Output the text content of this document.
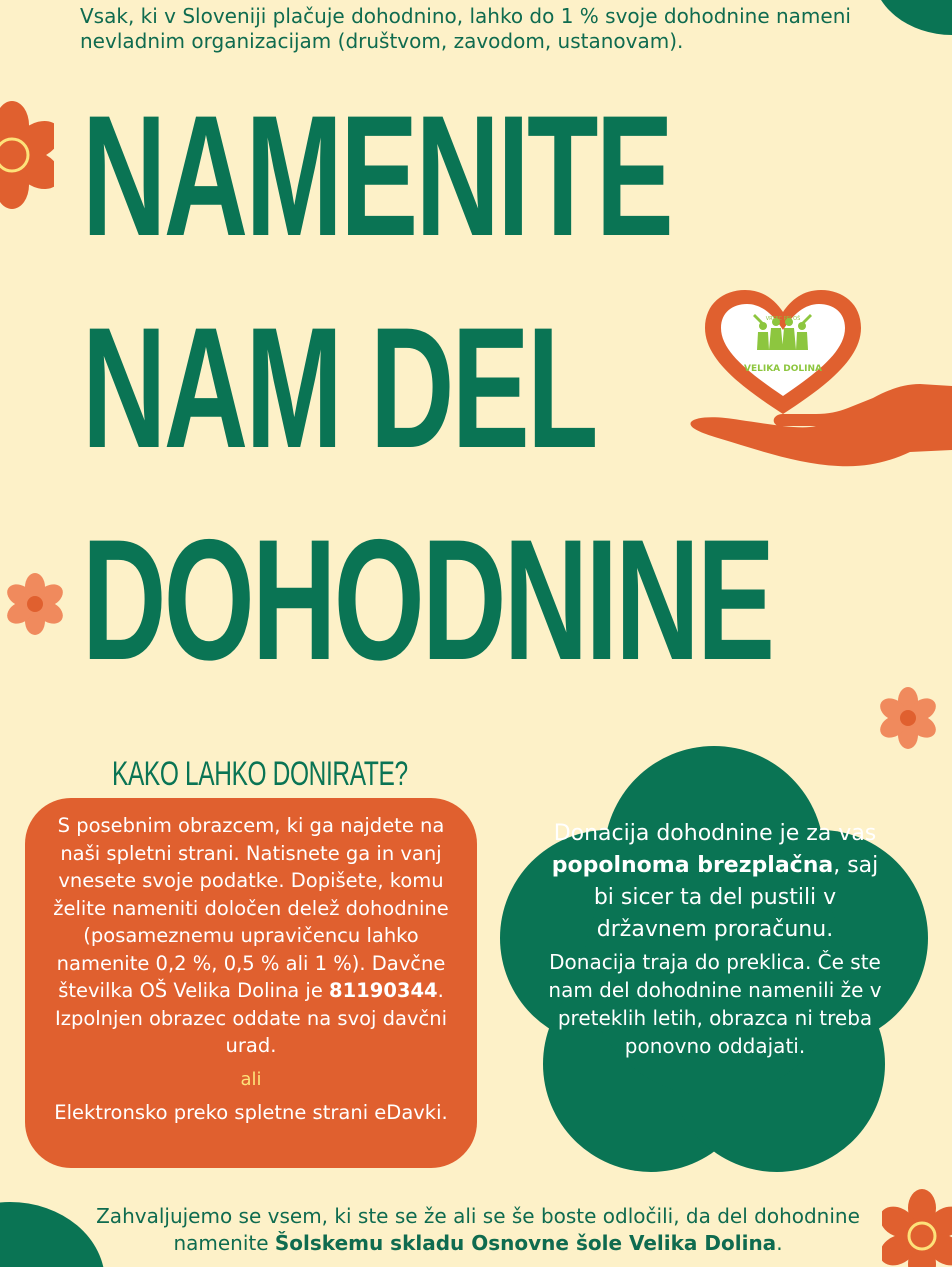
Vsak, ki v Sloveniji plačuje dohodnino, lahko do 1 % svoje dohodnine nameni nevladnim organizacijam (društvom, zavodom, ustanovam).
NAMENITE
NAM DEL
DOHODNINE
VRTEC PRI OŠ
VELIKA DOLINA
KAKO LAHKO DONIRATE?
S posebnim obrazcem, ki ga najdete na naši spletni strani. Natisnete ga in vanj vnesete svoje podatke. Dopišete, komu želite nameniti določen delež dohodnine (posameznemu upravičencu lahko namenite 0,2 %, 0,5 % ali 1 %). Davčne številka OŠ Velika Dolina je 81190344. Izpolnjen obrazec oddate na svoj davčni urad.
ali
Elektronsko preko spletne strani eDavki.
Donacija dohodnine je za vas popolnoma brezplačna, saj bi sicer ta del pustili v državnem proračunu.
Donacija traja do preklica. Če ste nam del dohodnine namenili že v preteklih letih, obrazca ni treba ponovno oddajati.
Zahvaljujemo se vsem, ki ste se že ali se še boste odločili, da del dohodnine namenite Šolskemu skladu Osnovne šole Velika Dolina.
